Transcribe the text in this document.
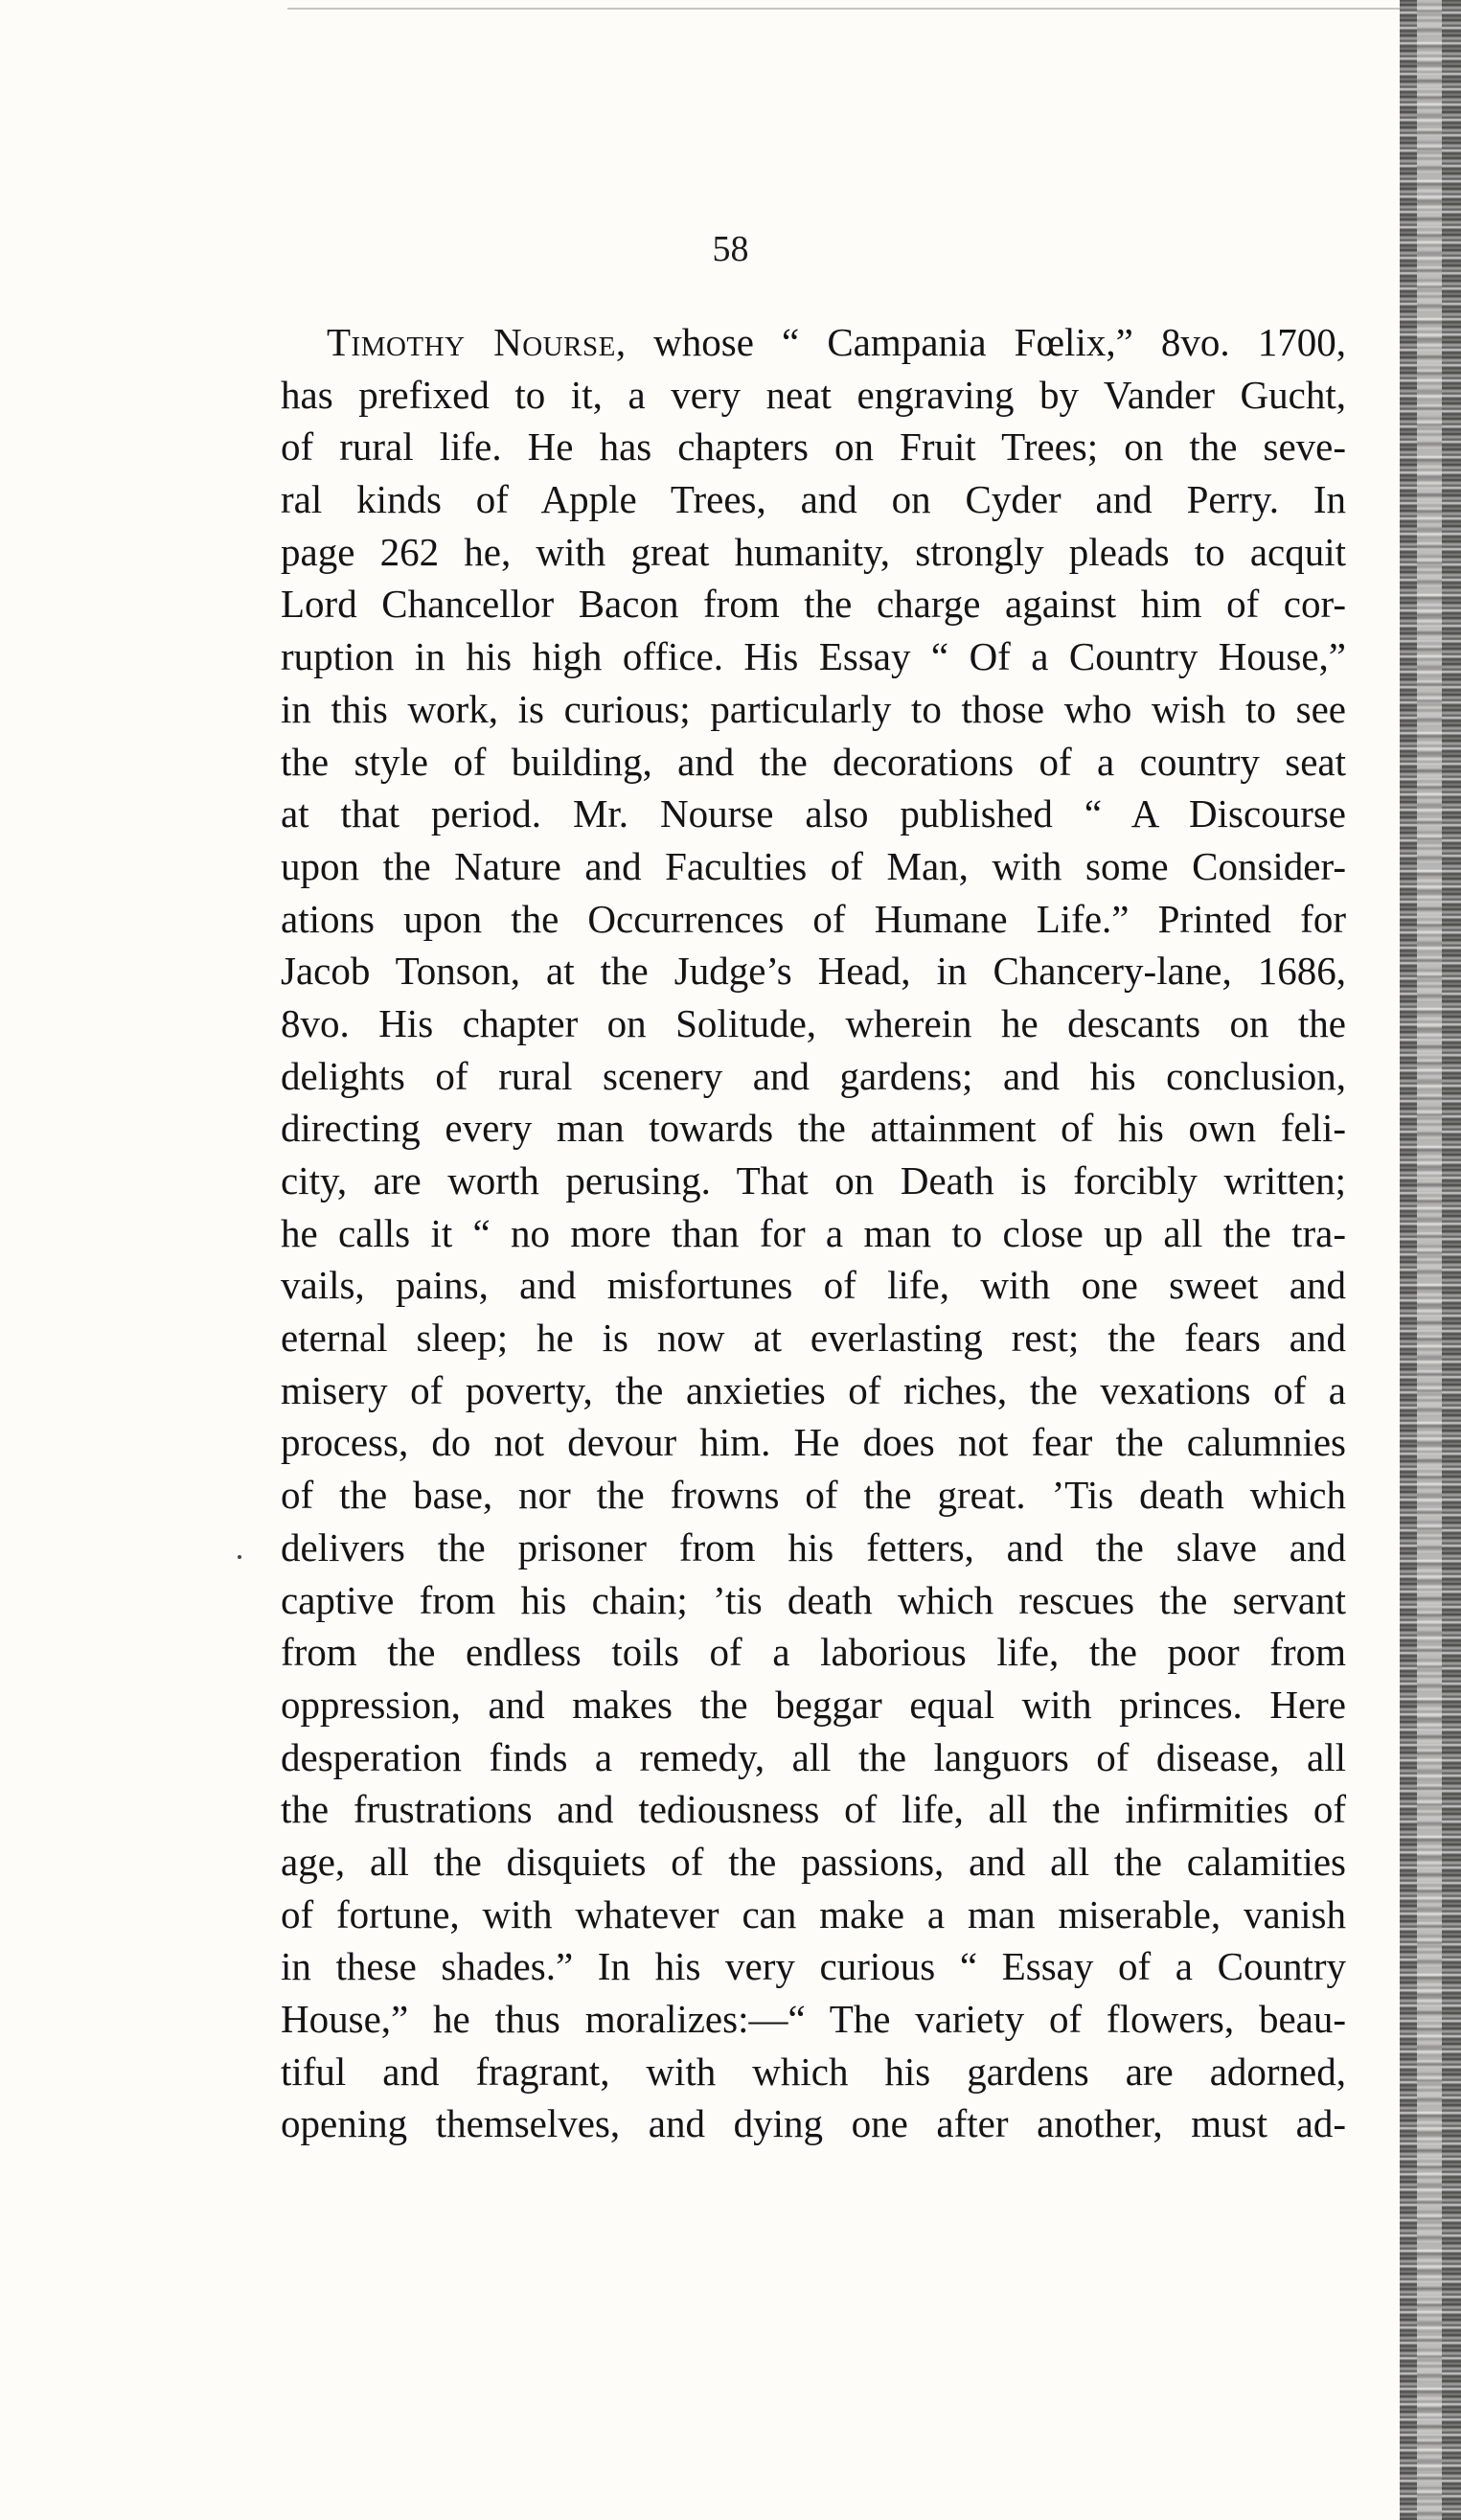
58
Timothy Nourse, whose “ Campania Fœlix,” 8vo. 1700,
has prefixed to it, a very neat engraving by Vander Gucht,
of rural life. He has chapters on Fruit Trees; on the seve-
ral kinds of Apple Trees, and on Cyder and Perry. In
page 262 he, with great humanity, strongly pleads to acquit
Lord Chancellor Bacon from the charge against him of cor-
ruption in his high office. His Essay “ Of a Country House,”
in this work, is curious; particularly to those who wish to see
the style of building, and the decorations of a country seat
at that period. Mr. Nourse also published “ A Discourse
upon the Nature and Faculties of Man, with some Consider-
ations upon the Occurrences of Humane Life.” Printed for
Jacob Tonson, at the Judge’s Head, in Chancery-lane, 1686,
8vo. His chapter on Solitude, wherein he descants on the
delights of rural scenery and gardens; and his conclusion,
directing every man towards the attainment of his own feli-
city, are worth perusing. That on Death is forcibly written;
he calls it “ no more than for a man to close up all the tra-
vails, pains, and misfortunes of life, with one sweet and
eternal sleep; he is now at everlasting rest; the fears and
misery of poverty, the anxieties of riches, the vexations of a
process, do not devour him. He does not fear the calumnies
of the base, nor the frowns of the great. ’Tis death which
delivers the prisoner from his fetters, and the slave and
captive from his chain; ’tis death which rescues the servant
from the endless toils of a laborious life, the poor from
oppression, and makes the beggar equal with princes. Here
desperation finds a remedy, all the languors of disease, all
the frustrations and tediousness of life, all the infirmities of
age, all the disquiets of the passions, and all the calamities
of fortune, with whatever can make a man miserable, vanish
in these shades.” In his very curious “ Essay of a Country
House,” he thus moralizes:—“ The variety of flowers, beau-
tiful and fragrant, with which his gardens are adorned,
opening themselves, and dying one after another, must ad-
